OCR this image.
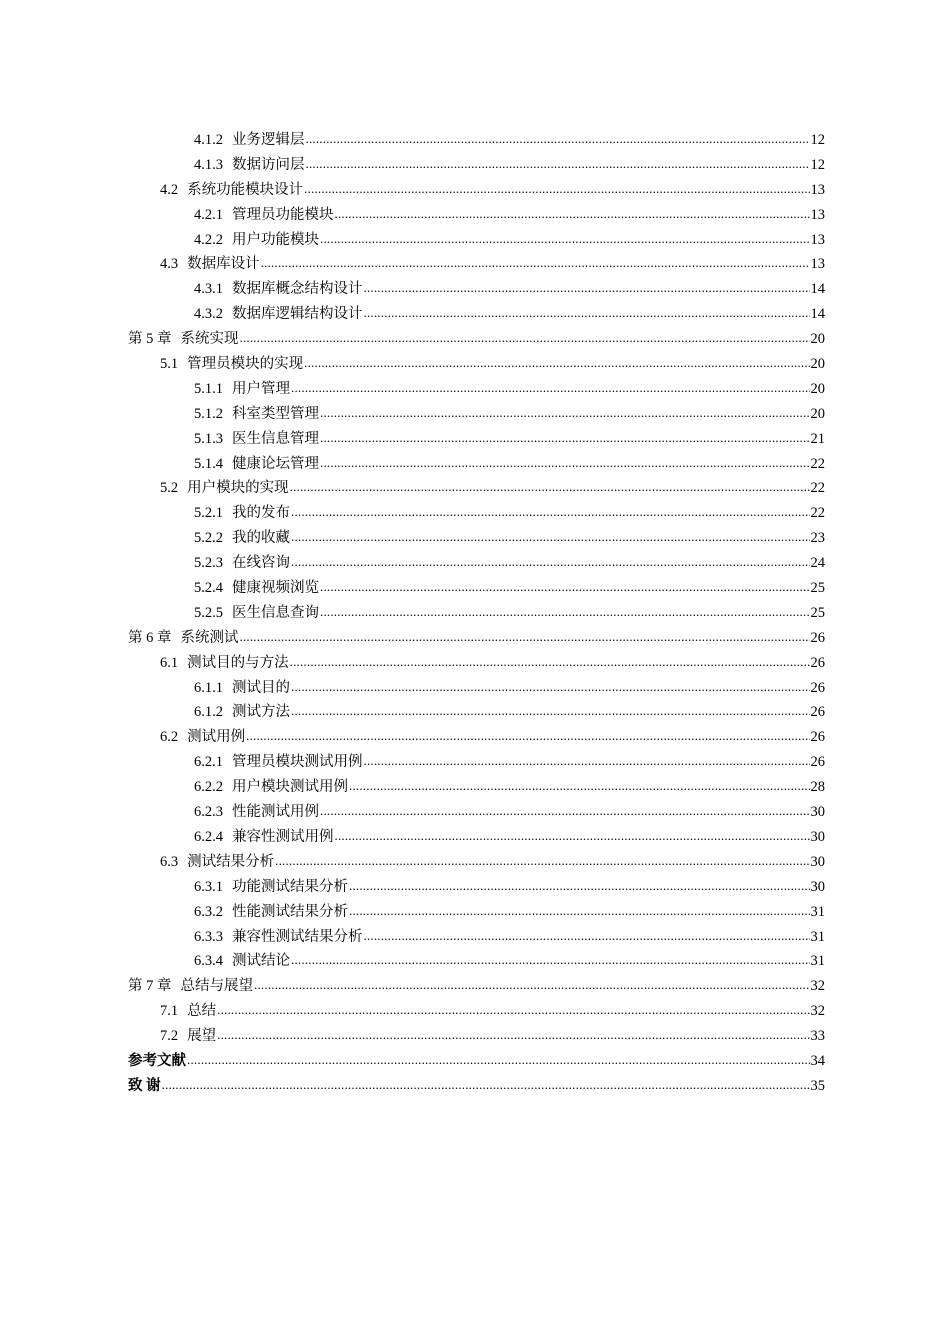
4.1.2 业务逻辑层 .....	12
4.1.3 数据访问层 .....	12
4.2 系统功能模块设计 .....	13
4.2.1 管理员功能模块 .....	13
4.2.2 用户功能模块 .....	13
4.3 数据库设计 .....	13
4.3.1 数据库概念结构设计 .....	14
4.3.2 数据库逻辑结构设计 .....	14
第 5 章 系统实现 .....	20
5.1 管理员模块的实现 .....	20
5.1.1 用户管理 .....	20
5.1.2 科室类型管理 .....	20
5.1.3 医生信息管理 .....	21
5.1.4 健康论坛管理 .....	22
5.2 用户模块的实现 .....	22
5.2.1 我的发布 .....	22
5.2.2 我的收藏 .....	23
5.2.3 在线咨询 .....	24
5.2.4 健康视频浏览 .....	25
5.2.5 医生信息查询 .....	25
第 6 章 系统测试 .....	26
6.1 测试目的与方法 .....	26
6.1.1 测试目的 .....	26
6.1.2 测试方法 .....	26
6.2 测试用例 .....	26
6.2.1 管理员模块测试用例 .....	26
6.2.2 用户模块测试用例 .....	28
6.2.3 性能测试用例 .....	30
6.2.4 兼容性测试用例 .....	30
6.3 测试结果分析 .....	30
6.3.1 功能测试结果分析 .....	30
6.3.2 性能测试结果分析 .....	31
6.3.3 兼容性测试结果分析 .....	31
6.3.4 测试结论 .....	31
第 7 章 总结与展望 .....	32
7.1 总结 .....	32
7.2 展望 .....	33
参考文献 .....	34
致 谢 .....	35
